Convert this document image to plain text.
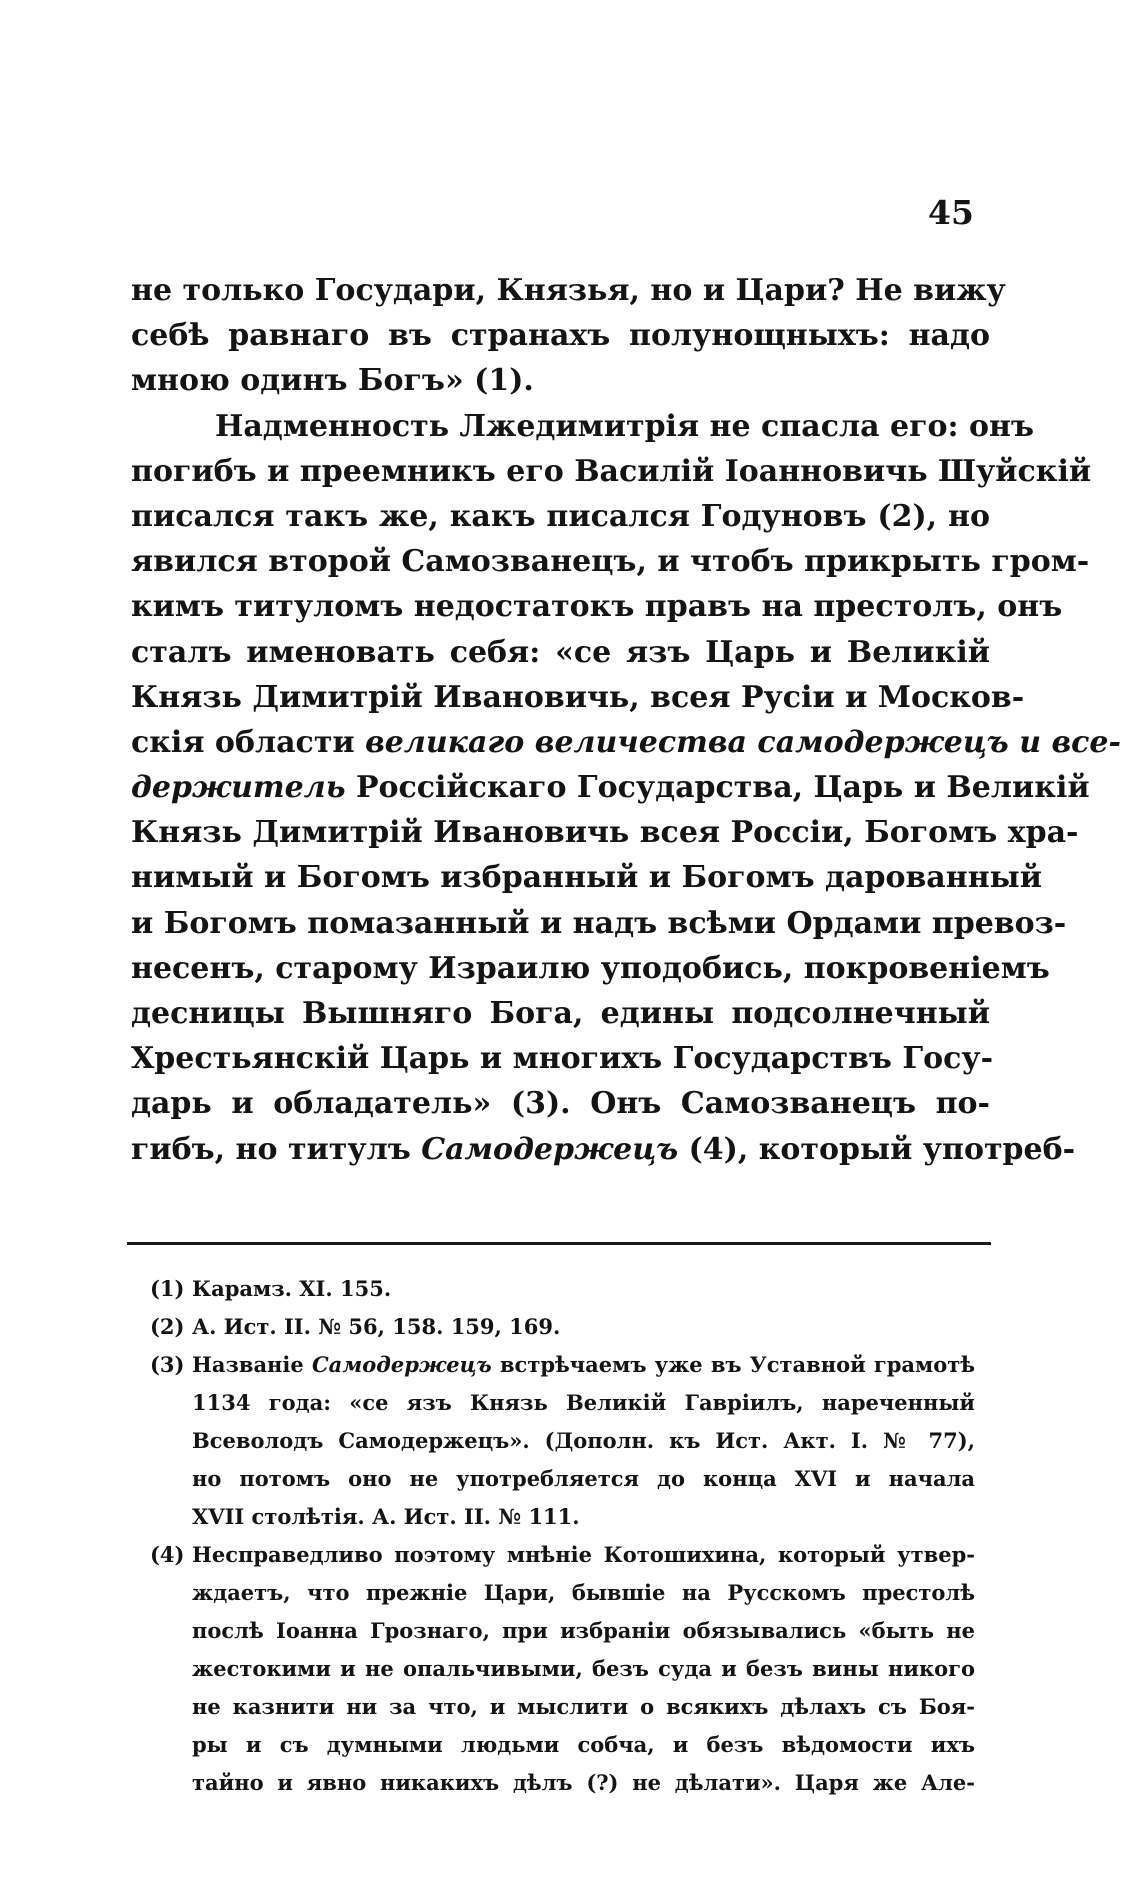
45
не только Государи, Князья, но и Цари? Не вижу
себѣ равнаго въ странахъ полунощныхъ: надо
мною одинъ Богъ» (1).
Надменность Лжедимитрія не спасла его: онъ
погибъ и преемникъ его Василій Іоанновичь Шуйскій
писался такъ же, какъ писался Годуновъ (2), но
явился второй Самозванецъ, и чтобъ прикрыть гром-
кимъ титуломъ недостатокъ правъ на престолъ, онъ
сталъ именовать себя: «се язъ Царь и Великій
Князь Димитрій Ивановичь, всея Русіи и Москов-
скія области великаго величества самодержецъ и все-
держитель Россійскаго Государства, Царь и Великій
Князь Димитрій Ивановичь всея Россіи, Богомъ хра-
нимый и Богомъ избранный и Богомъ дарованный
и Богомъ помазанный и надъ всѣми Ордами превоз-
несенъ, старому Израилю уподобись, покровеніемъ
десницы Вышняго Бога, едины подсолнечный
Хрестьянскій Царь и многихъ Государствъ Госу-
дарь и обладатель» (3). Онъ Самозванецъ по-
гибъ, но титулъ Самодержецъ (4), который употреб-
(1) Карамз. XI. 155.
(2) А. Ист. II. № 56, 158. 159, 169.
(3) Названіе Самодержецъ встрѣчаемъ уже въ Уставной грамотѣ
1134 года: «се язъ Князь Великій Гавріилъ, нареченный
Всеволодъ Самодержецъ». (Дополн. къ Ист. Акт. I. № 77),
но потомъ оно не употребляется до конца XVI и начала
XVII столѣтія. А. Ист. II. № 111.
(4) Несправедливо поэтому мнѣніе Котошихина, который утвер-
ждаетъ, что прежніе Цари, бывшіе на Русскомъ престолѣ
послѣ Іоанна Грознаго, при избраніи обязывались «быть не
жестокими и не опальчивыми, безъ суда и безъ вины никого
не казнити ни за что, и мыслити о всякихъ дѣлахъ съ Боя-
ры и съ думными людьми собча, и безъ вѣдомости ихъ
тайно и явно никакихъ дѣлъ (?) не дѣлати». Царя же Але-
